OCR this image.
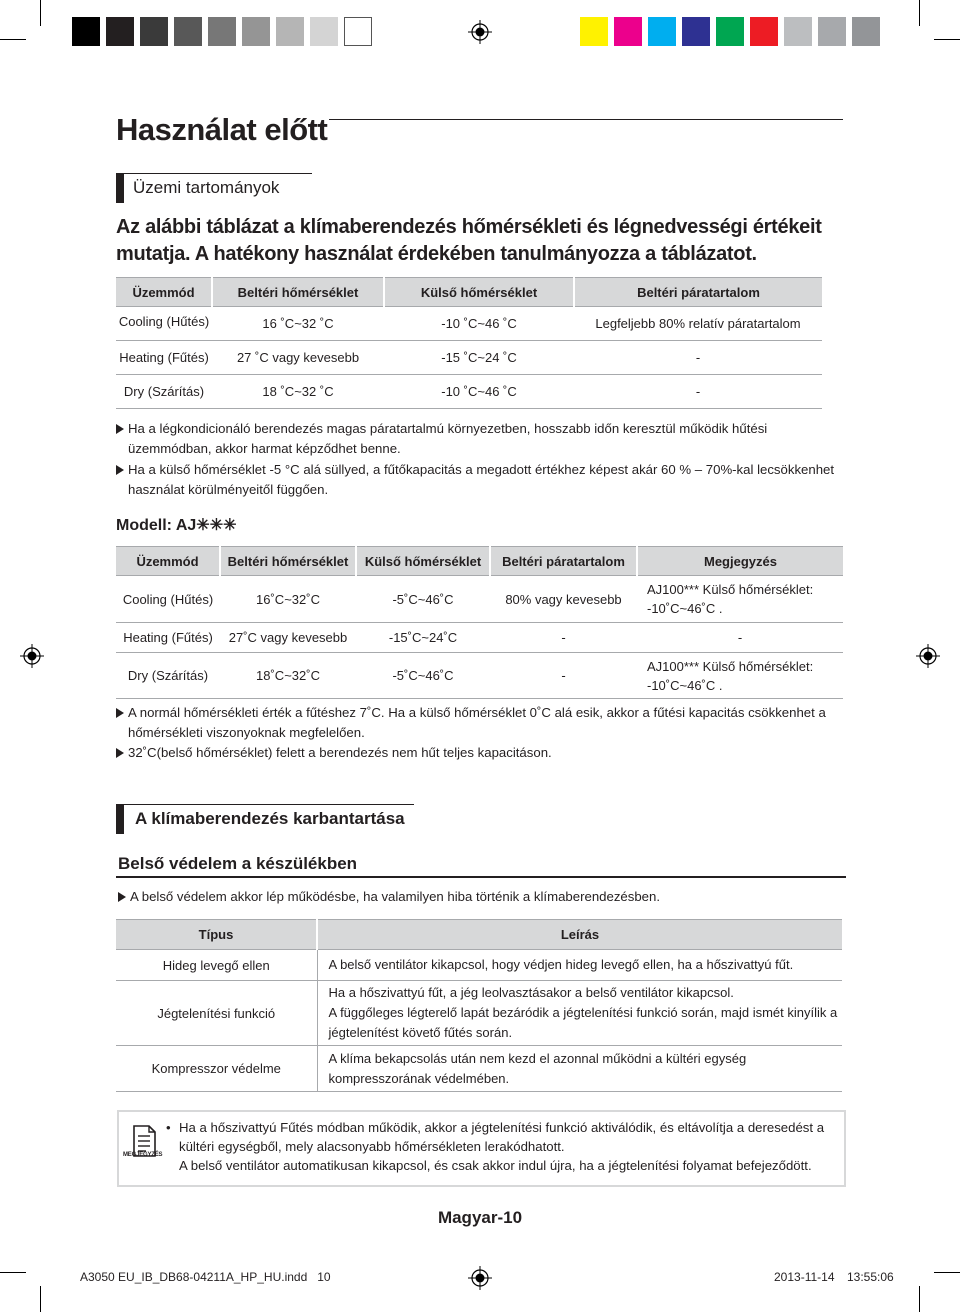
Használat előtt
Üzemi tartományok
Az alábbi táblázat a klímaberendezés hőmérsékleti és légnedvességi értékeit mutatja. A hatékony használat érdekében tanulmányozza a táblázatot.
Üzemmód	Beltéri hőmérséklet	Külső hőmérséklet	Beltéri páratartalom
Cooling (Hűtés)	16 ˚C~32 ˚C	-10 ˚C~46 ˚C	Legfeljebb 80% relatív páratartalom
Heating (Fűtés)	27 ˚C vagy kevesebb	-15 ˚C~24 ˚C	-
Dry (Szárítás)	18 ˚C~32 ˚C	-10 ˚C~46 ˚C	-
Ha a légkondicionáló berendezés magas páratartalmú környezetben, hosszabb időn keresztül működik hűtési üzemmódban, akkor harmat képződhet benne.
Ha a külső hőmérséklet -5 °C alá süllyed, a fűtőkapacitás a megadott értékhez képest akár 60 % – 70%-kal lecsökkenhet használat körülményeitől függően.
Modell: AJ✳✳✳
Üzemmód	Beltéri hőmérséklet	Külső hőmérséklet	Beltéri páratartalom	Megjegyzés
Cooling (Hűtés)	16˚C~32˚C	-5˚C~46˚C	80% vagy kevesebb	AJ100*** Külső hőmérséklet: -10˚C~46˚C .
Heating (Fűtés)	27˚C vagy kevesebb	-15˚C~24˚C	-	-
Dry (Szárítás)	18˚C~32˚C	-5˚C~46˚C	-	AJ100*** Külső hőmérséklet: -10˚C~46˚C .
A normál hőmérsékleti érték a fűtéshez 7˚C. Ha a külső hőmérséklet 0˚C alá esik, akkor a fűtési kapacitás csökkenhet a hőmérsékleti viszonyoknak megfelelően.
32˚C(belső hőmérséklet) felett a berendezés nem hűt teljes kapacitáson.
A klímaberendezés karbantartása
Belső védelem a készülékben
A belső védelem akkor lép működésbe, ha valamilyen hiba történik a klímaberendezésben.
Típus	Leírás
Hideg levegő ellen	A belső ventilátor kikapcsol, hogy védjen hideg levegő ellen, ha a hőszivattyú fűt.
Jégtelenítési funkció	Ha a hőszivattyú fűt, a jég leolvasztásakor a belső ventilátor kikapcsol.
A függőleges légterelő lapát bezáródik a jégtelenítési funkció során, majd ismét kinyílik a jégtelenítést követő fűtés során.

Kompresszor védelme	A klíma bekapcsolás után nem kezd el azonnal működni a kültéri egység kompresszorának védelmében.
MEGJEGYZÉS
• Ha a hőszivattyú Fűtés módban működik, akkor a jégtelenítési funkció aktiválódik, és eltávolítja a deresedést a kültéri egységből, mely alacsonyabb hőmérsékleten lerakódhatott.
A belső ventilátor automatikusan kikapcsol, és csak akkor indul újra, ha a jégtelenítési folyamat befejeződött.
Magyar-10
A3050 EU_IB_DB68-04211A_HP_HU.indd   10	2013-11-14 13:55:06
